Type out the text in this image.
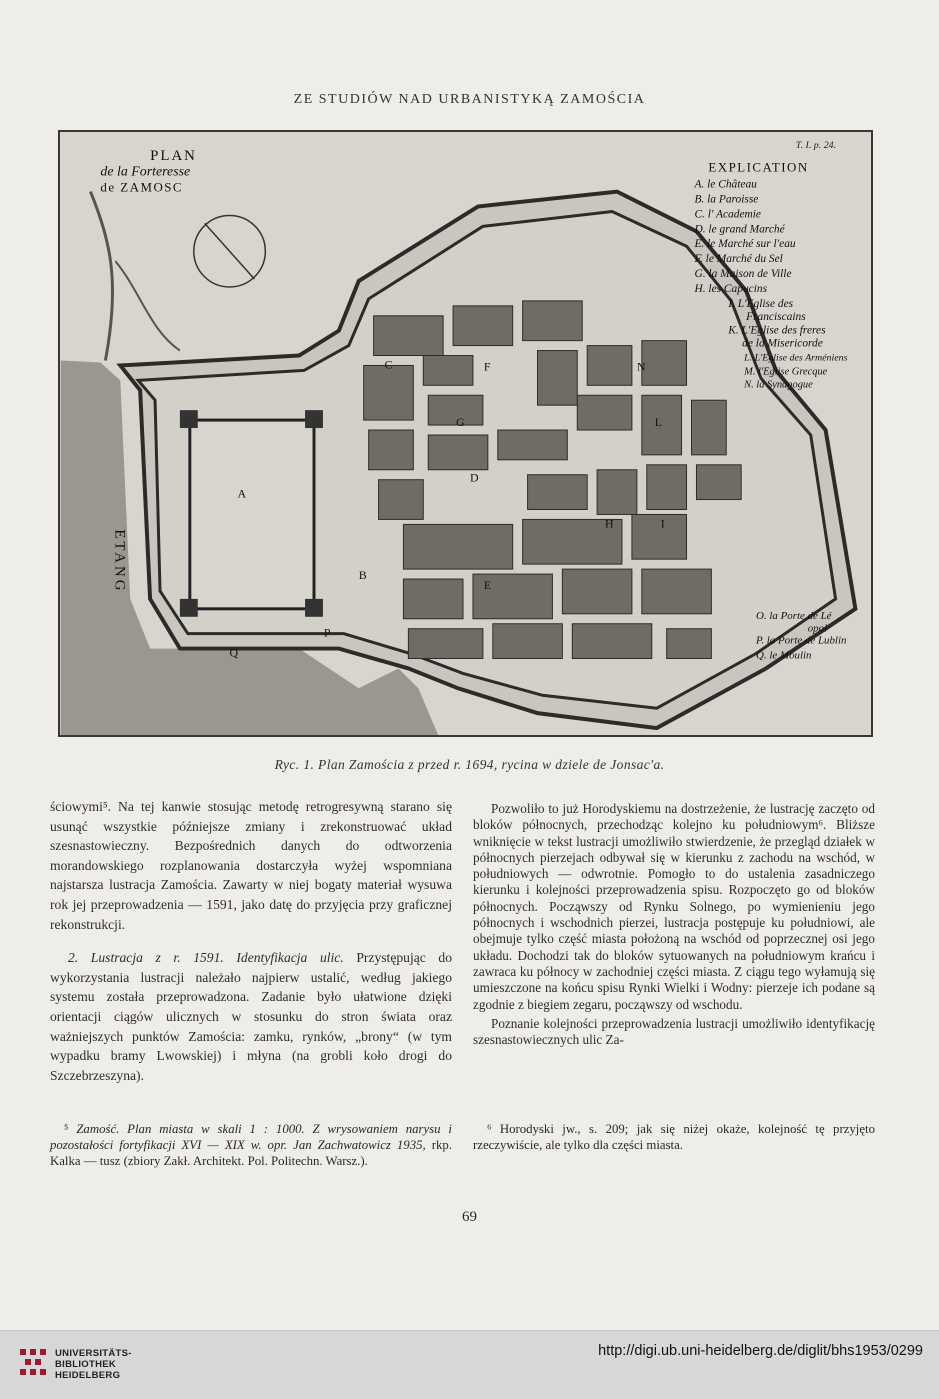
ZE STUDIÓW NAD URBANISTYKĄ ZAMOŚCIA
A
B
C
D
E
F
G
H	I
L
N
P
Q
ETANG
PLAN
de la Forteresse
de ZAMOSC
T. I. p. 24.
EXPLICATION
A. le Château
B. la Paroisse
C. l' Academie
D. le grand Marché
E. le Marché sur l'eau
F. le Marché du Sel
G. la Maison de Ville
H. les Capucins
I. L'Eglise des
Franciscains
K. L'Eglise des freres
de la Misericorde
L. L'Eglise des Arméniens
M. l'Eglise Grecque
N. la Synagogue
O. la Porte de Lé
opol
P. la Porte de Lublin
Q. le Moulin
Ryc. 1. Plan Zamościa z przed r. 1694, rycina w dziele de Jonsac'a.

ściowymi⁵. Na tej kanwie stosując metodę retrogresywną starano się usunąć wszystkie późniejsze zmiany i zrekonstruować układ szesnastowieczny. Bezpośrednich danych do odtworzenia morandowskiego rozplanowania dostarczyła wyżej wspomniana najstarsza lustracja Zamościa. Zawarty w niej bogaty materiał wysuwa rok jej przeprowadzenia — 1591, jako datę do przyjęcia przy graficznej rekonstrukcji.

2. Lustracja z r. 1591. Identyfikacja ulic. Przystępując do wykorzystania lustracji należało najpierw ustalić, według jakiego systemu została przeprowadzona. Zadanie było ułatwione dzięki orientacji ciągów ulicznych w stosunku do stron świata oraz ważniejszych punktów Zamościa: zamku, rynków, „brony“ (w tym wypadku bramy Lwowskiej) i młyna (na grobli koło drogi do Szczebrzeszyna).

Pozwoliło to już Horodyskiemu na dostrzeżenie, że lustrację zaczęto od bloków północnych, przechodząc kolejno ku południowym⁶. Bliższe wniknięcie w tekst lustracji umożliwiło stwierdzenie, że przegląd działek w północnych pierzejach odbywał się w kierunku z zachodu na wschód, w południowych — odwrotnie. Pomogło to do ustalenia zasadniczego kierunku i kolejności przeprowadzenia spisu. Rozpoczęto go od bloków północnych. Począwszy od Rynku Solnego, po wymienieniu jego północnych i wschodnich pierzei, lustracja postępuje ku południowi, ale obejmuje tylko część miasta położoną na wschód od poprzecznej osi jego układu. Dochodzi tak do bloków sytuowanych na południowym krańcu i zawraca ku północy w zachodniej części miasta. Z ciągu tego wyłamują się umieszczone na końcu spisu Rynki Wielki i Wodny: pierzeje ich podane są zgodnie z biegiem zegaru, począwszy od wschodu.

Poznanie kolejności przeprowadzenia lustracji umożliwiło identyfikację szesnastowiecznych ulic Za-

⁵ Zamość. Plan miasta w skali 1 : 1000. Z wrysowaniem narysu i pozostałości fortyfikacji XVI — XIX w. opr. Jan Zachwatowicz 1935, rkp. Kalka — tusz (zbiory Zakł. Architekt. Pol. Politechn. Warsz.).
⁶ Horodyski jw., s. 209; jak się niżej okaże, kolejność tę przyjęto rzeczywiście, ale tylko dla części miasta.
69
UNIVERSITÄTS-
BIBLIOTHEK
HEIDELBERG
http://digi.ub.uni-heidelberg.de/diglit/bhs1953/0299
